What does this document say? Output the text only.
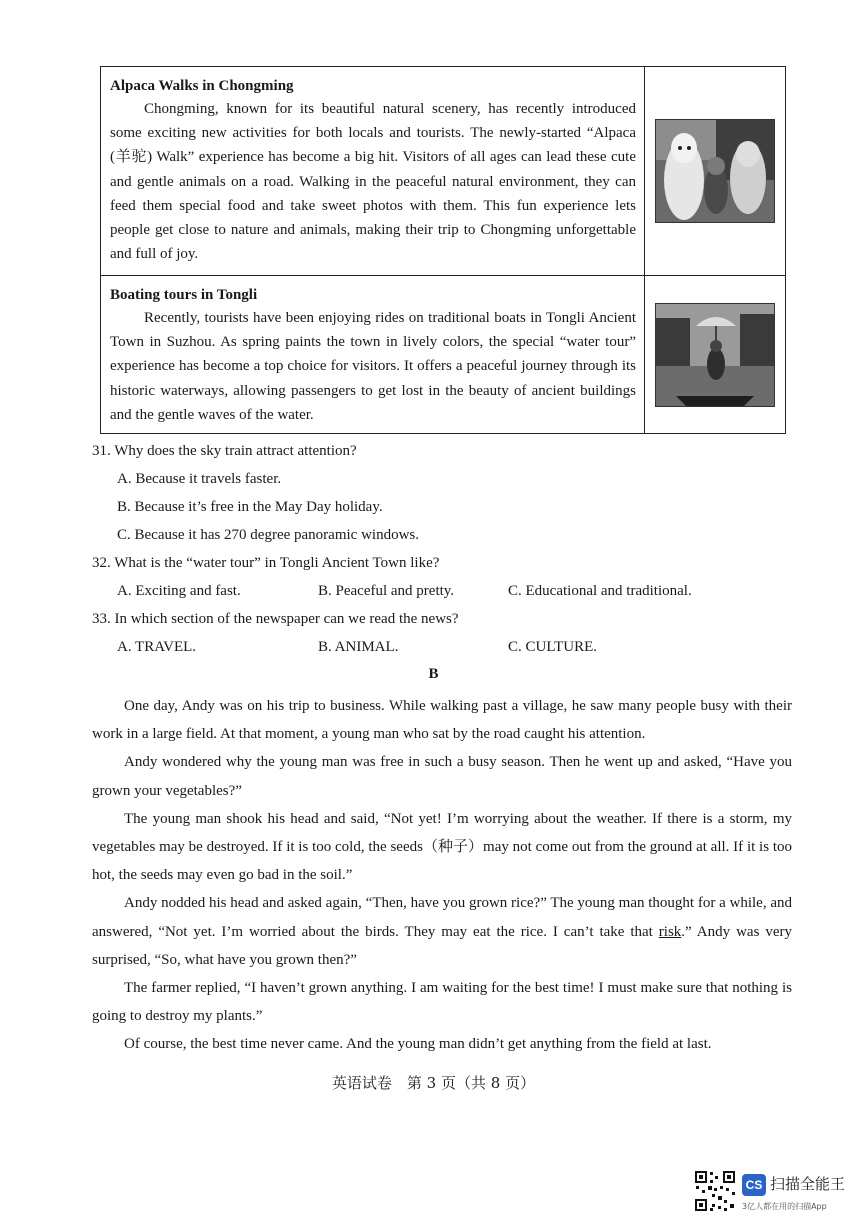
Alpaca Walks in Chongming

Chongming, known for its beautiful natural scenery, has recently introduced some exciting new activities for both locals and tourists. The newly-started “Alpaca (羊驼) Walk” experience has become a big hit. Visitors of all ages can lead these cute and gentle animals on a road. Walking in the peaceful natural environment, they can feed them special food and take sweet photos with them. This fun experience lets people get close to nature and animals, making their trip to Chongming unforgettable and full of joy.

Boating tours in Tongli

Recently, tourists have been enjoying rides on traditional boats in Tongli Ancient Town in Suzhou. As spring paints the town in lively colors, the special “water tour” experience has become a top choice for visitors. It offers a peaceful journey through its historic waterways, allowing passengers to get lost in the beauty of ancient buildings and the gentle waves of the water.

31. Why does the sky train attract attention?
A. Because it travels faster.
B. Because it’s free in the May Day holiday.
C. Because it has 270 degree panoramic windows.
32. What is the “water tour” in Tongli Ancient Town like?
A. Exciting and fast.	B. Peaceful and pretty.	C. Educational and traditional.
33. In which section of the newspaper can we read the news?
A. TRAVEL.	B. ANIMAL.	C. CULTURE.
B

One day, Andy was on his trip to business. While walking past a village, he saw many people busy with their work in a large field. At that moment, a young man who sat by the road caught his attention.

Andy wondered why the young man was free in such a busy season. Then he went up and asked, “Have you grown your vegetables?”

The young man shook his head and said, “Not yet! I’m worrying about the weather. If there is a storm, my vegetables may be destroyed. If it is too cold, the seeds（种子）may not come out from the ground at all. If it is too hot, the seeds may even go bad in the soil.”

Andy nodded his head and asked again, “Then, have you grown rice?” The young man thought for a while, and answered, “Not yet. I’m worried about the birds. They may eat the rice. I can’t take that risk.” Andy was very surprised, “So, what have you grown then?”

The farmer replied, “I haven’t grown anything. I am waiting for the best time! I must make sure that nothing is going to destroy my plants.”

Of course, the best time never came. And the young man didn’t get anything from the field at last.

英语试卷　第 3 页（共 8 页）
CS 扫描全能王
3亿人都在用的扫描App
